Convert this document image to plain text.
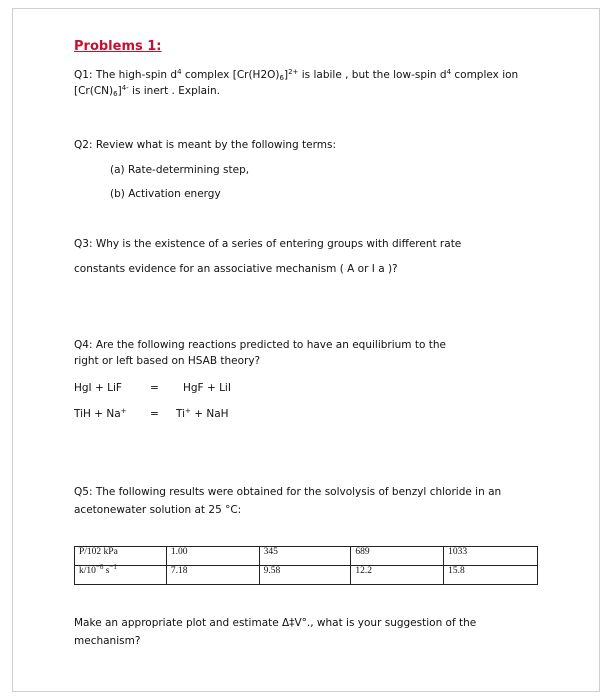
Problems 1:
Q1: The high-spin $d^4$ complex $[Cr(H2O)_6]^{2+}$ is labile , but the low-spin $d^4$ complex ion
$[Cr(CN)_6]^{4-}$ is inert . Explain.
Q2: Review what is meant by the following terms:
(a) Rate-determining step,
(b) Activation energy
Q3: Why is the existence of a series of entering groups with different rate
constants evidence for an associative mechanism ( A or I a )?
Q4: Are the following reactions predicted to have an equilibrium to the
right or left based on HSAB theory?
HgI + LiF	= HgF + LiI
TiH + Na+ = Ti+ + NaH
Q5: The following results were obtained for the solvolysis of benzyl chloride in an
acetonewater solution at 25 °C:
P/102 kPa	1.00	345	689	1033
$k/10^{-6}$ $s^{-1}$	7.18	9.58	12.2	15.8
Make an appropriate plot and estimate Δ‡V°., what is your suggestion of the
mechanism?
